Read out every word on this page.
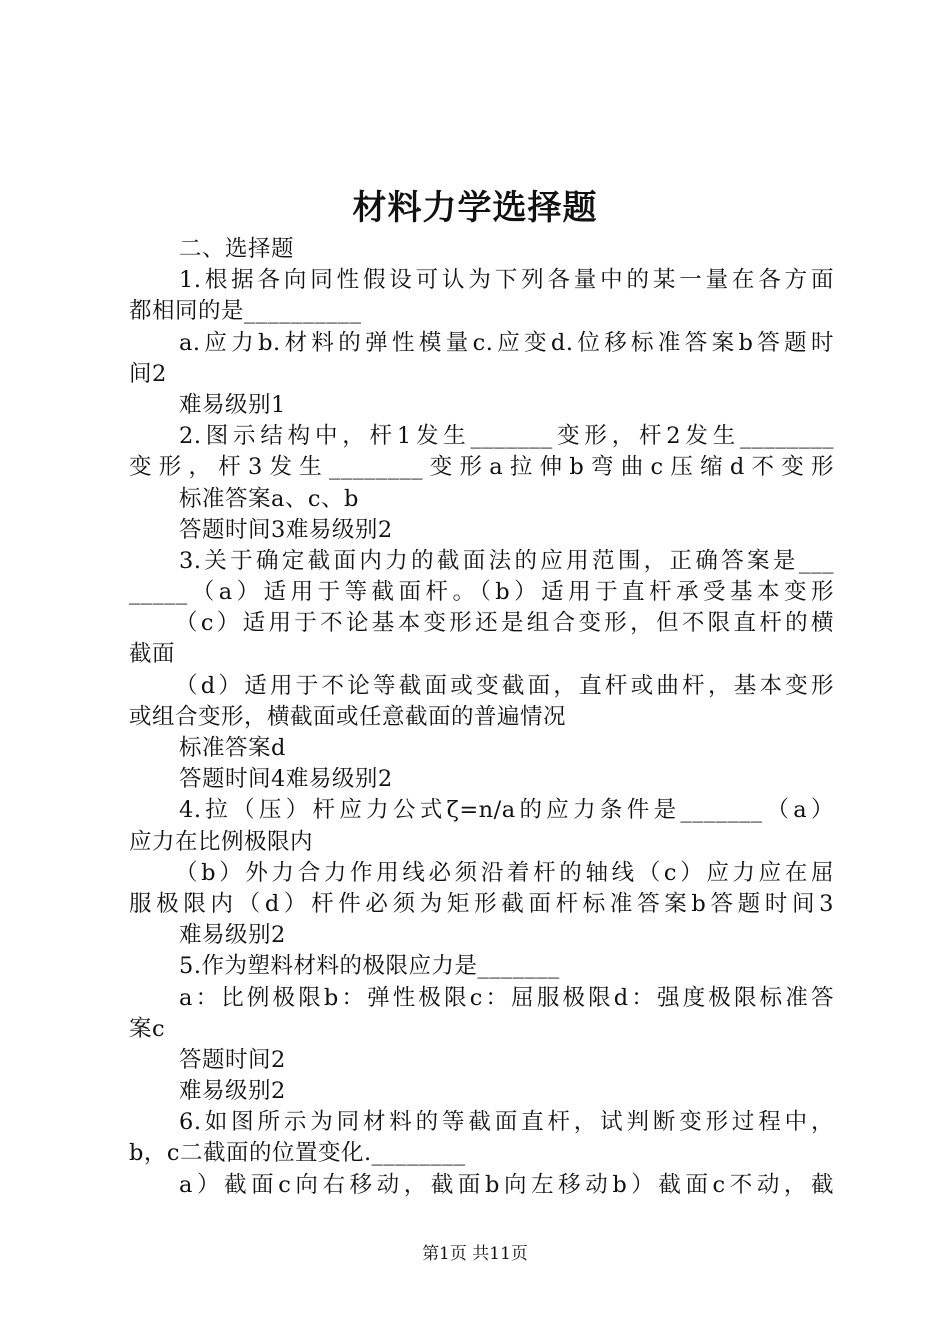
材料力学选择题
二、选择题
1.根据各向同性假设可认为下列各量中的某一量在各方面
都相同的是__________
a.应力b.材料的弹性模量c.应变d.位移标准答案b答题时
间2
难易级别1
2.图示结构中，杆1发生_______变形，杆2发生________
变形，杆3发生________变形a拉伸b弯曲c压缩d不变形
标准答案a、c、b
答题时间3难易级别2
3.关于确定截面内力的截面法的应用范围，正确答案是___
_____（a）适用于等截面杆。（b）适用于直杆承受基本变形
（c）适用于不论基本变形还是组合变形，但不限直杆的横
截面
（d）适用于不论等截面或变截面，直杆或曲杆，基本变形
或组合变形，横截面或任意截面的普遍情况
标准答案d
答题时间4难易级别2
4.拉（压）杆应力公式ζ=n/a的应力条件是_______（a）
应力在比例极限内
（b）外力合力作用线必须沿着杆的轴线（c）应力应在屈
服极限内（d）杆件必须为矩形截面杆标准答案b答题时间3
难易级别2
5.作为塑料材料的极限应力是_______
a：比例极限b：弹性极限c：屈服极限d：强度极限标准答
案c
答题时间2
难易级别2
6.如图所示为同材料的等截面直杆，试判断变形过程中，
b，c二截面的位置变化.________
a）截面c向右移动，截面b向左移动b）截面c不动，截
第1页 共11页
